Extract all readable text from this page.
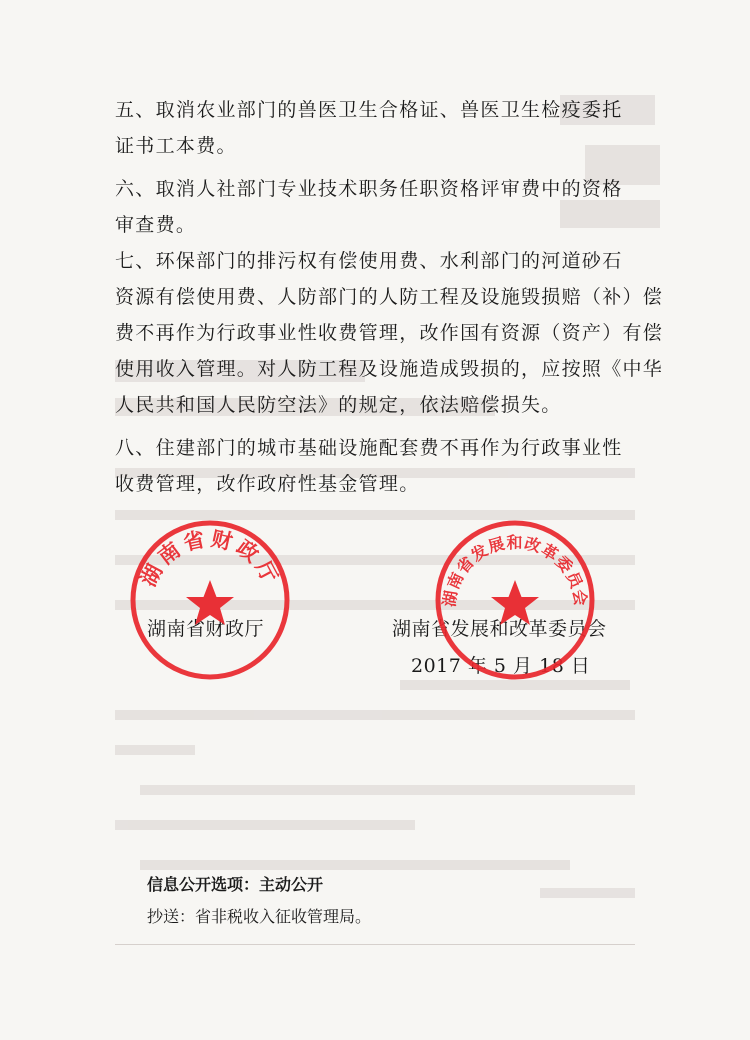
五、取消农业部门的兽医卫生合格证、兽医卫生检疫委托
证书工本费。
六、取消人社部门专业技术职务任职资格评审费中的资格
审查费。
七、环保部门的排污权有偿使用费、水利部门的河道砂石
资源有偿使用费、人防部门的人防工程及设施毁损赔（补）偿
费不再作为行政事业性收费管理，改作国有资源（资产）有偿
使用收入管理。对人防工程及设施造成毁损的，应按照《中华
人民共和国人民防空法》的规定，依法赔偿损失。
八、住建部门的城市基础设施配套费不再作为行政事业性
收费管理，改作政府性基金管理。
湖南省财政厅	湖南省发展和改革委员会
2017 年 5 月 18 日
湖南省财政厅
湖南省发展和改革委员会
信息公开选项：主动公开
抄送：省非税收入征收管理局。
